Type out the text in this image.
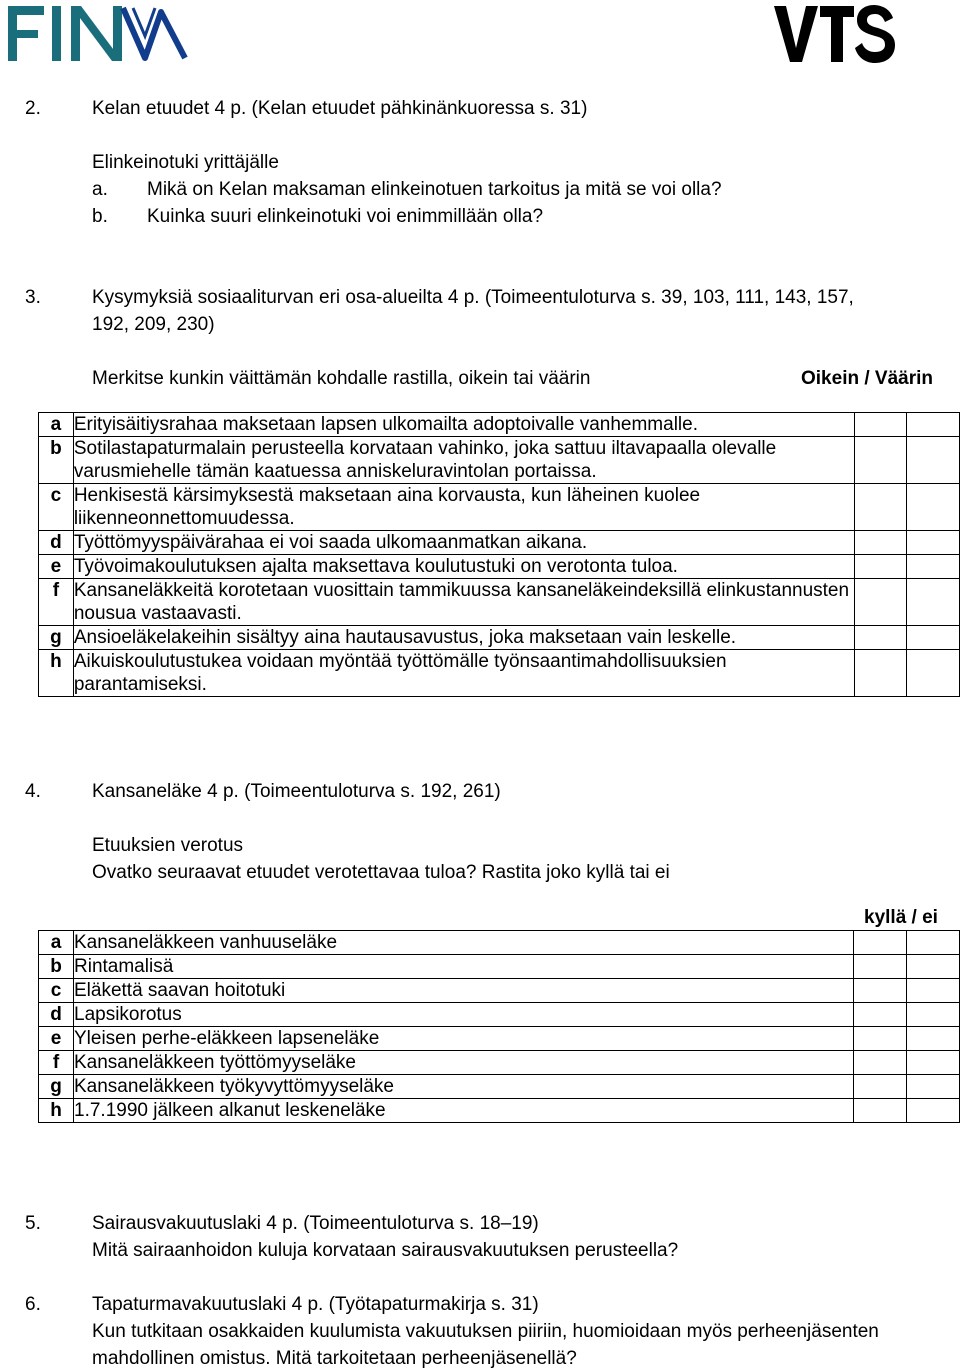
2.	Kelan etuudet 4 p. (Kelan etuudet pähkinänkuoressa s. 31)
Elinkeinotuki yrittäjälle
a. Mikä on Kelan maksaman elinkeinotuen tarkoitus ja mitä se voi olla?
b. Kuinka suuri elinkeinotuki voi enimmillään olla?
3.	Kysymyksiä sosiaaliturvan eri osa-alueilta 4 p. (Toimeentuloturva s. 39, 103, 111, 143, 157,
192, 209, 230)
Merkitse kunkin väittämän kohdalle rastilla, oikein tai väärin	Oikein / Väärin
a	Erityisäitiysrahaa maksetaan lapsen ulkomailta adoptoivalle vanhemmalle.		
b	Sotilastapaturmalain perusteella korvataan vahinko, joka sattuu iltavapaalla olevalle varusmiehelle tämän kaatuessa anniskeluravintolan portaissa.		
c	Henkisestä kärsimyksestä maksetaan aina korvausta, kun läheinen kuolee liikenneonnettomuudessa.		
d	Työttömyyspäivärahaa ei voi saada ulkomaanmatkan aikana.		
e	Työvoimakoulutuksen ajalta maksettava koulutustuki on verotonta tuloa.		
f	Kansaneläkkeitä korotetaan vuosittain tammikuussa kansaneläkeindeksillä elinkustannusten nousua vastaavasti.		
g	Ansioeläkelakeihin sisältyy aina hautausavustus, joka maksetaan vain leskelle.		
h	Aikuiskoulutustukea voidaan myöntää työttömälle työnsaantimahdollisuuksien parantamiseksi.		
4.	Kansaneläke 4 p. (Toimeentuloturva s. 192, 261)
Etuuksien verotus
Ovatko seuraavat etuudet verotettavaa tuloa? Rastita joko kyllä tai ei
kyllä / ei
a	Kansaneläkkeen vanhuuseläke		
b	Rintamalisä		
c	Eläkettä saavan hoitotuki		
d	Lapsikorotus		
e	Yleisen perhe-eläkkeen lapseneläke		
f	Kansaneläkkeen työttömyyseläke		
g	Kansaneläkkeen työkyvyttömyyseläke		
h	1.7.1990 jälkeen alkanut leskeneläke		
5.	Sairausvakuutuslaki 4 p. (Toimeentuloturva s. 18–19)
Mitä sairaanhoidon kuluja korvataan sairausvakuutuksen perusteella?
6.	Tapaturmavakuutuslaki 4 p. (Työtapaturmakirja s. 31)
Kun tutkitaan osakkaiden kuulumista vakuutuksen piiriin, huomioidaan myös perheenjäsenten
mahdollinen omistus. Mitä tarkoitetaan perheenjäsenellä?
